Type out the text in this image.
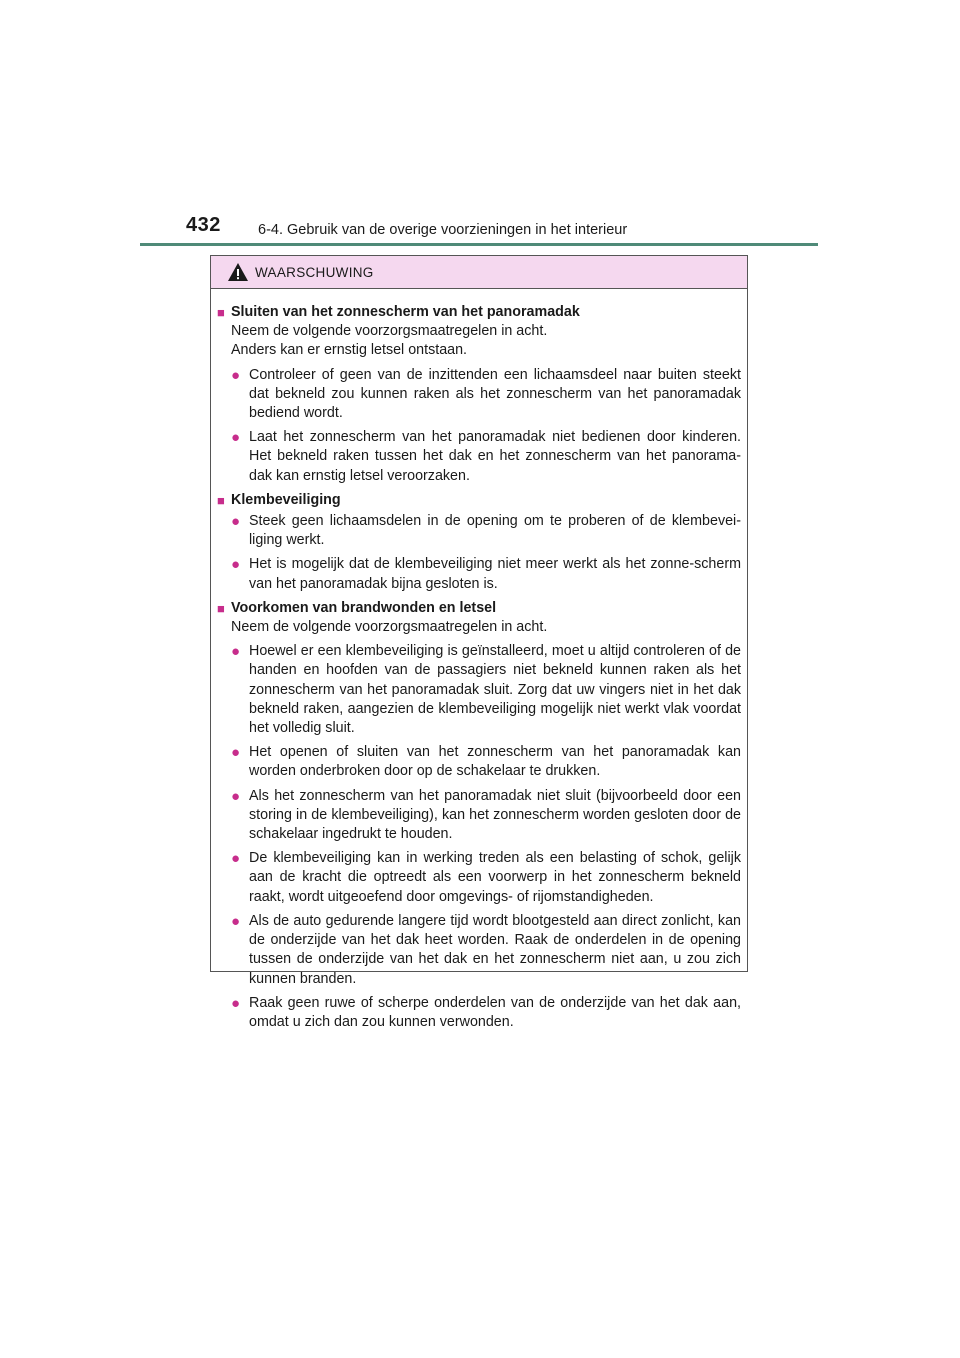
432	6-4. Gebruik van de overige voorzieningen in het interieur
WAARSCHUWING
■ Sluiten van het zonnescherm van het panoramadak
Neem de volgende voorzorgsmaatregelen in acht.
Anders kan er ernstig letsel ontstaan.
● Controleer of geen van de inzittenden een lichaamsdeel naar buiten steekt dat bekneld zou kunnen raken als het zonnescherm van het panoramadak bediend wordt.
● Laat het zonnescherm van het panoramadak niet bedienen door kinderen. Het bekneld raken tussen het dak en het zonnescherm van het panorama-dak kan ernstig letsel veroorzaken.
■ Klembeveiliging
● Steek geen lichaamsdelen in de opening om te proberen of de klembevei-liging werkt.
● Het is mogelijk dat de klembeveiliging niet meer werkt als het zonne-scherm van het panoramadak bijna gesloten is.
■ Voorkomen van brandwonden en letsel
Neem de volgende voorzorgsmaatregelen in acht.
● Hoewel er een klembeveiliging is geïnstalleerd, moet u altijd controleren of de handen en hoofden van de passagiers niet bekneld kunnen raken als het zonnescherm van het panoramadak sluit. Zorg dat uw vingers niet in het dak bekneld raken, aangezien de klembeveiliging mogelijk niet werkt vlak voordat het volledig sluit.
● Het openen of sluiten van het zonnescherm van het panoramadak kan worden onderbroken door op de schakelaar te drukken.
● Als het zonnescherm van het panoramadak niet sluit (bijvoorbeeld door een storing in de klembeveiliging), kan het zonnescherm worden gesloten door de schakelaar ingedrukt te houden.
● De klembeveiliging kan in werking treden als een belasting of schok, gelijk aan de kracht die optreedt als een voorwerp in het zonnescherm bekneld raakt, wordt uitgeoefend door omgevings- of rijomstandigheden.
● Als de auto gedurende langere tijd wordt blootgesteld aan direct zonlicht, kan de onderzijde van het dak heet worden. Raak de onderdelen in de opening tussen de onderzijde van het dak en het zonnescherm niet aan, u zou zich kunnen branden.
● Raak geen ruwe of scherpe onderdelen van de onderzijde van het dak aan, omdat u zich dan zou kunnen verwonden.
